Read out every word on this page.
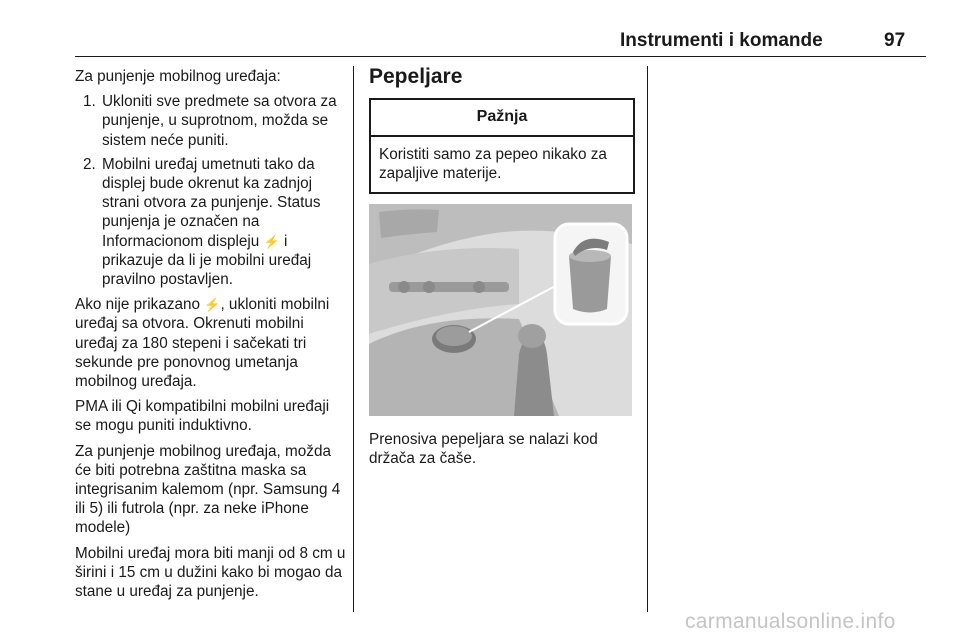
Instrumenti i komande	97

Za punjenje mobilnog uređaja:

1. Ukloniti sve predmete sa otvora za punjenje, u suprotnom, možda se sistem neće puniti.
2. Mobilni uređaj umetnuti tako da displej bude okrenut ka zadnjoj strani otvora za punjenje. Status punjenja je označen na Informacionom displeju ⚡ i prikazuje da li je mobilni uređaj pravilno postavljen.

Ako nije prikazano ⚡, ukloniti mobilni uređaj sa otvora. Okrenuti mobilni uređaj za 180 stepeni i sačekati tri sekunde pre ponovnog umetanja mobilnog uređaja.

PMA ili Qi kompatibilni mobilni uređaji se mogu puniti induktivno.

Za punjenje mobilnog uređaja, možda će biti potrebna zaštitna maska sa integrisanim kalemom (npr. Samsung 4 ili 5) ili futrola (npr. za neke iPhone modele)

Mobilni uređaj mora biti manji od 8 cm u širini i 15 cm u dužini kako bi mogao da stane u uređaj za punjenje.

Pepeljare
Pažnja
Koristiti samo za pepeo nikako za zapaljive materije.

Prenosiva pepeljara se nalazi kod držača za čaše.

carmanualsonline.info
